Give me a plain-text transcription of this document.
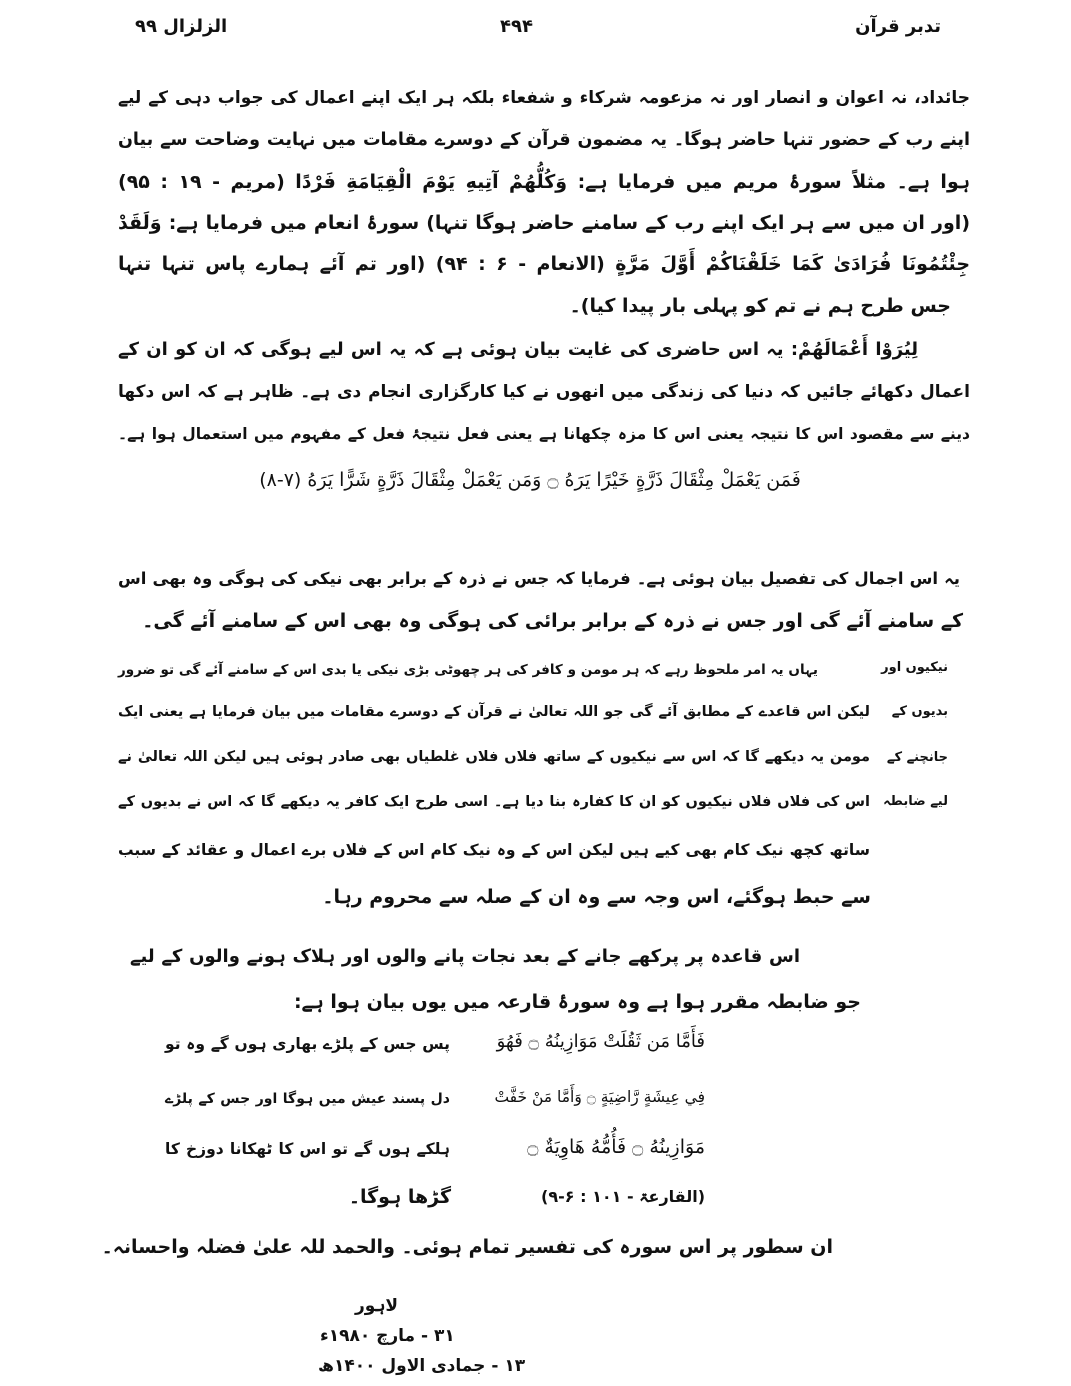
تدبر قرآن
۴۹۴
الزلزال ۹۹
جائداد، نہ اعوان و انصار اور نہ مزعومہ شرکاء و شفعاء بلکہ ہر ایک اپنے اعمال کی جواب دہی کے لیے
اپنے رب کے حضور تنہا حاضر ہوگا۔ یہ مضمون قرآن کے دوسرے مقامات میں نہایت وضاحت سے بیان
ہوا ہے۔ مثلاً سورۂ مریم میں فرمایا ہے: وَكُلُّهُمْ آتِيهِ يَوْمَ الْقِيَامَةِ فَرْدًا (مریم - ۱۹ : ۹۵)
(اور ان میں سے ہر ایک اپنے رب کے سامنے حاضر ہوگا تنہا) سورۂ انعام میں فرمایا ہے: وَلَقَدْ
جِئْتُمُونَا فُرَادَىٰ كَمَا خَلَقْنَاكُمْ أَوَّلَ مَرَّةٍ (الانعام - ۶ : ۹۴) (اور تم آئے ہمارے پاس تنہا تنہا
جس طرح ہم نے تم کو پہلی بار پیدا کیا)۔
لِيُرَوْا أَعْمَالَهُمْ: یہ اس حاضری کی غایت بیان ہوئی ہے کہ یہ اس لیے ہوگی کہ ان کو ان کے
اعمال دکھائے جائیں کہ دنیا کی زندگی میں انھوں نے کیا کارگزاری انجام دی ہے۔ ظاہر ہے کہ اس دکھا
دینے سے مقصود اس کا نتیجہ یعنی اس کا مزہ چکھانا ہے یعنی فعل نتیجۂ فعل کے مفہوم میں استعمال ہوا ہے۔
فَمَن يَعْمَلْ مِثْقَالَ ذَرَّةٍ خَيْرًا يَرَهُ ۝ وَمَن يَعْمَلْ مِثْقَالَ ذَرَّةٍ شَرًّا يَرَهُ (۷-۸)
یہ اس اجمال کی تفصیل بیان ہوئی ہے۔ فرمایا کہ جس نے ذرہ کے برابر بھی نیکی کی ہوگی وہ بھی اس
کے سامنے آئے گی اور جس نے ذرہ کے برابر برائی کی ہوگی وہ بھی اس کے سامنے آئے گی۔
نیکیوں اور
بدیوں کے
جانچنے کے
لیے ضابطہ
یہاں یہ امر ملحوظ رہے کہ ہر مومن و کافر کی ہر چھوٹی بڑی نیکی یا بدی اس کے سامنے آئے گی تو ضرور
لیکن اس قاعدے کے مطابق آئے گی جو اللہ تعالیٰ نے قرآن کے دوسرے مقامات میں بیان فرمایا ہے یعنی ایک
مومن یہ دیکھے گا کہ اس سے نیکیوں کے ساتھ فلاں فلاں غلطیاں بھی صادر ہوئی ہیں لیکن اللہ تعالیٰ نے
اس کی فلاں فلاں نیکیوں کو ان کا کفارہ بنا دیا ہے۔ اسی طرح ایک کافر یہ دیکھے گا کہ اس نے بدیوں کے
ساتھ کچھ نیک کام بھی کیے ہیں لیکن اس کے وہ نیک کام اس کے فلاں برے اعمال و عقائد کے سبب
سے حبط ہوگئے، اس وجہ سے وہ ان کے صلہ سے محروم رہا۔
اس قاعدہ پر پرکھے جانے کے بعد نجات پانے والوں اور ہلاک ہونے والوں کے لیے
جو ضابطہ مقرر ہوا ہے وہ سورۂ قارعہ میں یوں بیان ہوا ہے:
فَأَمَّا مَن ثَقُلَتْ مَوَازِينُهُ ۝ فَهُوَ
فِي عِيشَةٍ رَّاضِيَةٍ ۝ وَأَمَّا مَنْ خَفَّتْ
مَوَازِينُهُ ۝ فَأُمُّهُ هَاوِيَةٌ ۝
(القارعۃ - ۱۰۱ : ۶-۹)
پس جس کے پلڑے بھاری ہوں گے وہ تو
دل پسند عیش میں ہوگا اور جس کے پلڑے
ہلکے ہوں گے تو اس کا ٹھکانا دوزخ کا
گڑھا ہوگا۔
ان سطور پر اس سورہ کی تفسیر تمام ہوئی۔ والحمد للہ علیٰ فضلہ واحسانہ۔
لاہور
۳۱ - مارچ ۱۹۸۰ء
۱۳ - جمادی الاول ۱۴۰۰ھ
